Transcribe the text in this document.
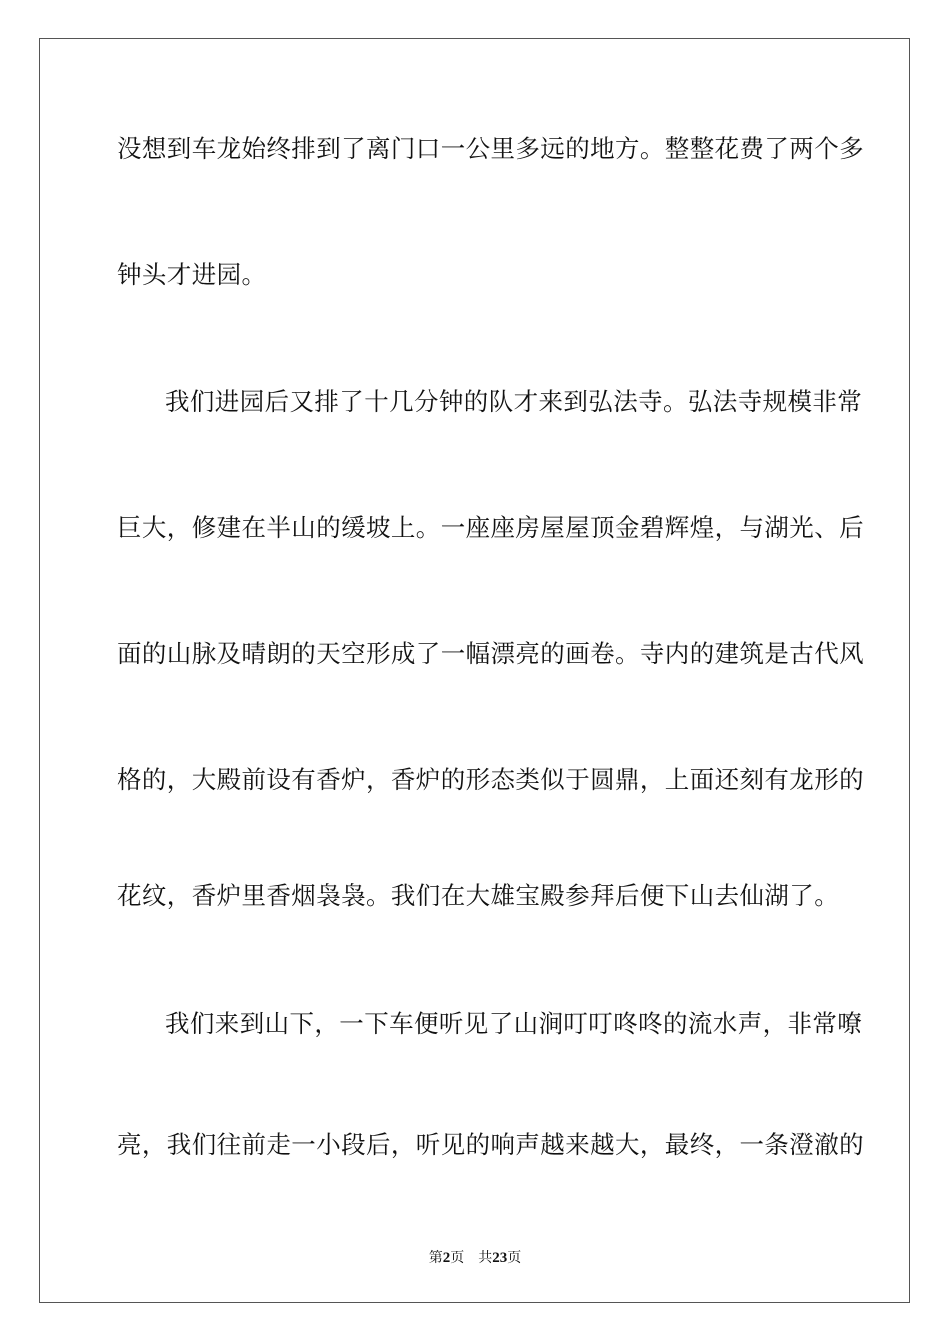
没想到车龙始终排到了离门口一公里多远的地方。整整花费了两个多
钟头才进园。
我们进园后又排了十几分钟的队才来到弘法寺。弘法寺规模非常
巨大，修建在半山的缓坡上。一座座房屋屋顶金碧辉煌，与湖光、后
面的山脉及晴朗的天空形成了一幅漂亮的画卷。寺内的建筑是古代风
格的，大殿前设有香炉，香炉的形态类似于圆鼎，上面还刻有龙形的
花纹，香炉里香烟袅袅。我们在大雄宝殿参拜后便下山去仙湖了。
我们来到山下，一下车便听见了山涧叮叮咚咚的流水声，非常嘹
亮，我们往前走一小段后，听见的响声越来越大，最终，一条澄澈的
第2页 共23页
